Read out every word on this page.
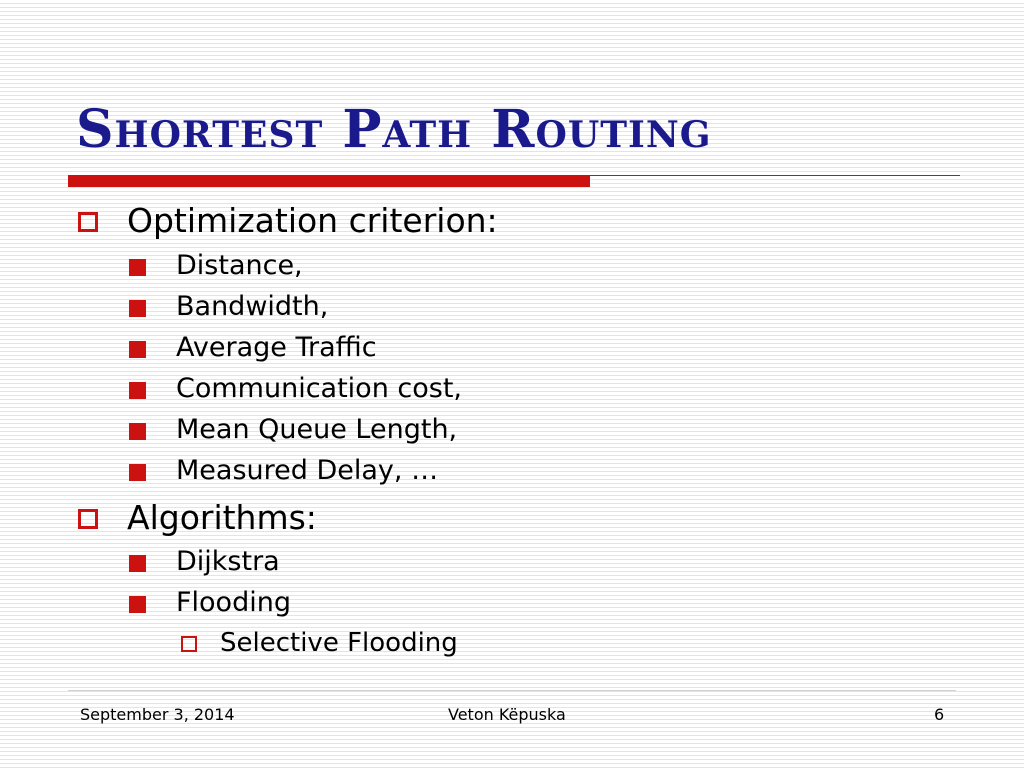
Shortest Path Routing
Optimization criterion:
Distance,
Bandwidth,
Average Traffic
Communication cost,
Mean Queue Length,
Measured Delay, …
Algorithms:
Dijkstra
Flooding
Selective Flooding
September 3, 2014	Veton Këpuska	6
